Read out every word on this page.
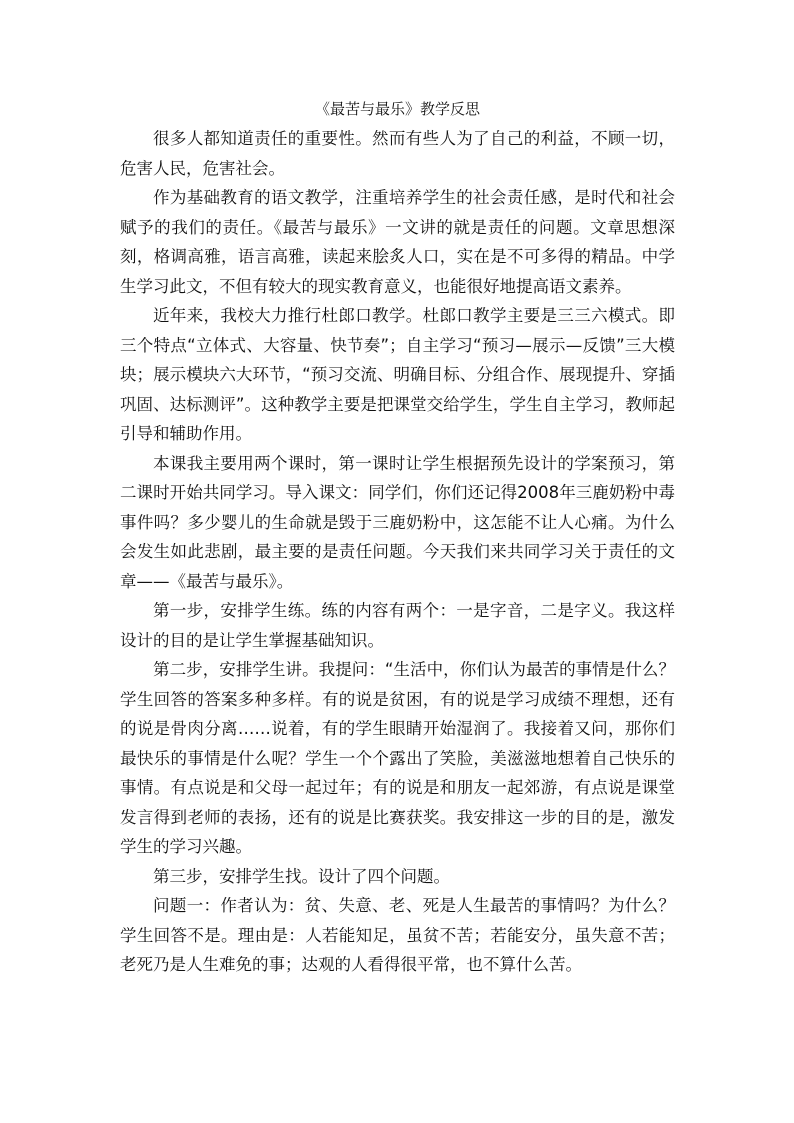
《最苦与最乐》教学反思

很多人都知道责任的重要性。然而有些人为了自己的利益，不顾一切，危害人民，危害社会。

作为基础教育的语文教学，注重培养学生的社会责任感，是时代和社会赋予的我们的责任。《最苦与最乐》一文讲的就是责任的问题。文章思想深刻，格调高雅，语言高雅，读起来脍炙人口，实在是不可多得的精品。中学生学习此文，不但有较大的现实教育意义，也能很好地提高语文素养。

近年来，我校大力推行杜郎口教学。杜郎口教学主要是三三六模式。即三个特点“立体式、大容量、快节奏”；自主学习“预习—展示—反馈”三大模块；展示模块六大环节，“预习交流、明确目标、分组合作、展现提升、穿插巩固、达标测评”。这种教学主要是把课堂交给学生，学生自主学习，教师起引导和辅助作用。

本课我主要用两个课时，第一课时让学生根据预先设计的学案预习，第二课时开始共同学习。导入课文：同学们，你们还记得2008年三鹿奶粉中毒事件吗？多少婴儿的生命就是毁于三鹿奶粉中，这怎能不让人心痛。为什么会发生如此悲剧，最主要的是责任问题。今天我们来共同学习关于责任的文章——《最苦与最乐》。

第一步，安排学生练。练的内容有两个：一是字音，二是字义。我这样设计的目的是让学生掌握基础知识。

第二步，安排学生讲。我提问：“生活中，你们认为最苦的事情是什么？学生回答的答案多种多样。有的说是贫困，有的说是学习成绩不理想，还有的说是骨肉分离……说着，有的学生眼睛开始湿润了。我接着又问，那你们最快乐的事情是什么呢？学生一个个露出了笑脸，美滋滋地想着自己快乐的事情。有点说是和父母一起过年；有的说是和朋友一起郊游，有点说是课堂发言得到老师的表扬，还有的说是比赛获奖。我安排这一步的目的是，激发学生的学习兴趣。

第三步，安排学生找。设计了四个问题。

问题一：作者认为：贫、失意、老、死是人生最苦的事情吗？为什么？学生回答不是。理由是：人若能知足，虽贫不苦；若能安分，虽失意不苦；老死乃是人生难免的事；达观的人看得很平常，也不算什么苦。
